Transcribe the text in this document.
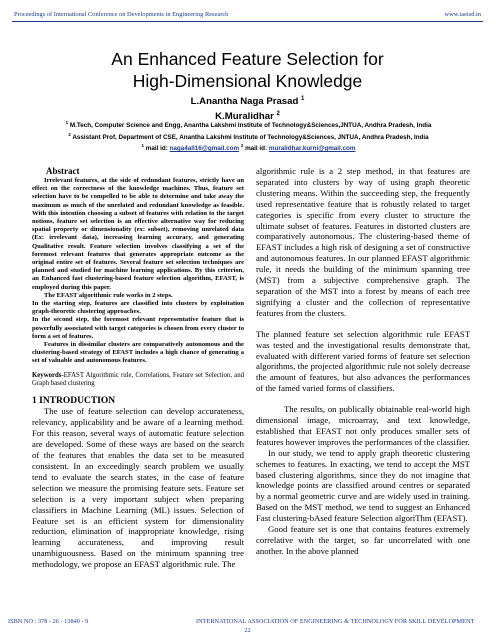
Proceedings of International Conference on Developments in Engineering Research	www.iaetsd.in
An Enhanced Feature Selection for
High-Dimensional Knowledge
L.Anantha Naga Prasad $^1$
K.Muralidhar $^2$
$^1$ M.Tech, Computer Science and Engg, Anantha Lakshmi Institute of Technology&Sciences,JNTUA, Andhra Pradesh, India
$^2$ Assistant Prof, Department of CSE, Anantha Lakshmi Institute of Technology&Sciences, JNTUA, Andhra Pradesh, India
$^1$ mail id: naga4all16@gmail.com $^2$ mail id: muralidhar.kurni@gmail.com
Abstract

Irrelevant features, at the side of redundant features, strictly have an effect on the correctness of the knowledge machines. Thus, feature set selection have to be compelled to be able to determine and take away the maximum as much of the unrelated and redundant knowledge as feasible. With this intention choosing a subset of features with relation to the target notions, feature set selection is an effective alternative way for reducing spatial property or dimensionality (ex: subset), removing unrelated data (Ex: irrelevant data), increasing learning accuracy, and generating Qualitative result. Feature selection involves classifying a set of the foremost relevant features that generates appropriate outcome as the original entire set of features. Several feature set selection techniques are planned and studied for machine learning applications. By this criterion, an Enhanced fast clustering-based feature selection algorithm, EFAST, is employed during this paper.

The EFAST algorithmic rule works in 2 steps.

In the starting step, features are classified into clusters by exploitation graph-theoretic clustering approaches.

In the second step, the foremost relevant representative feature that is powerfully associated with target categories is chosen from every cluster to form a set of features.

Features in dissimilar clusters are comparatively autonomous and the clustering-based strategy of EFAST includes a high chance of generating a set of valuable and autonomous features.

Keywords-EFAST Algorithmic rule, Correlations, Feature set Selection, and Graph based clustering
1 INTRODUCTION

The use of feature selection can develop accurateness, relevancy, applicability and be aware of a learning method. For this reason, several ways of automatic feature selection are developed. Some of these ways are based on the search of the features that enables the data set to be measured consistent. In an exceedingly search problem we usually tend to evaluate the search states, in the case of feature selection we measure the promising feature sets. Feature set selection is a very important subject when preparing classifiers in Machine Learning (ML) issues. Selection of Feature set is an efficient system for dimensionality reduction, elimination of inappropriate knowledge, rising learning accurateness, and improving result unambiguousness. Based on the minimum spanning tree methodology, we propose an EFAST algorithmic rule. The

algorithmic rule is a 2 step method, in that features are separated into clusters by way of using graph theoretic clustering means. Within the succeeding step, the frequently used representative feature that is robustly related to target categories is specific from every cluster to structure the ultimate subset of features. Features in distorted clusters are comparatively autonomous. The clustering-based theme of EFAST includes a high risk of designing a set of constructive and autonomous features. In our planned EFAST algorithmic rule, it needs the building of the minimum spanning tree (MST) from a subjective comprehensive graph. The separation of the MST into a forest by means of each tree signifying a cluster and the collection of representative features from the clusters.

The planned feature set selection algorithmic rule EFAST was tested and the investigational results demonstrate that, evaluated with different varied forms of feature set selection algorithms, the projected algorithmic rule not solely decrease the amount of features, but also advances the performances of the famed varied forms of classifiers.

The results, on publically obtainable real-world high dimensional image, microarray, and text knowledge, established that EFAST not only produces smaller sets of features however improves the performances of the classifier.

In our study, we tend to apply graph theoretic clustering schemes to features. In exacting, we tend to accept the MST based clustering algorithms, since they do not imagine that knowledge points are classified around centres or separated by a normal geometric curve and are widely used in training. Based on the MST method, we tend to suggest an Enhanced Fast clustering-bAsed feature Selection algoriThm (EFAST).

Good feature set is one that contains features extremely correlative with the target, so far uncorrelated with one another. In the above planned

ISBN NO : 378 - 26 - 13840 - 9	INTERNATIONAL ASSOCIATION OF ENGINEERING & TECHNOLOGY FOR SKILL DEVELOPMENT
22
